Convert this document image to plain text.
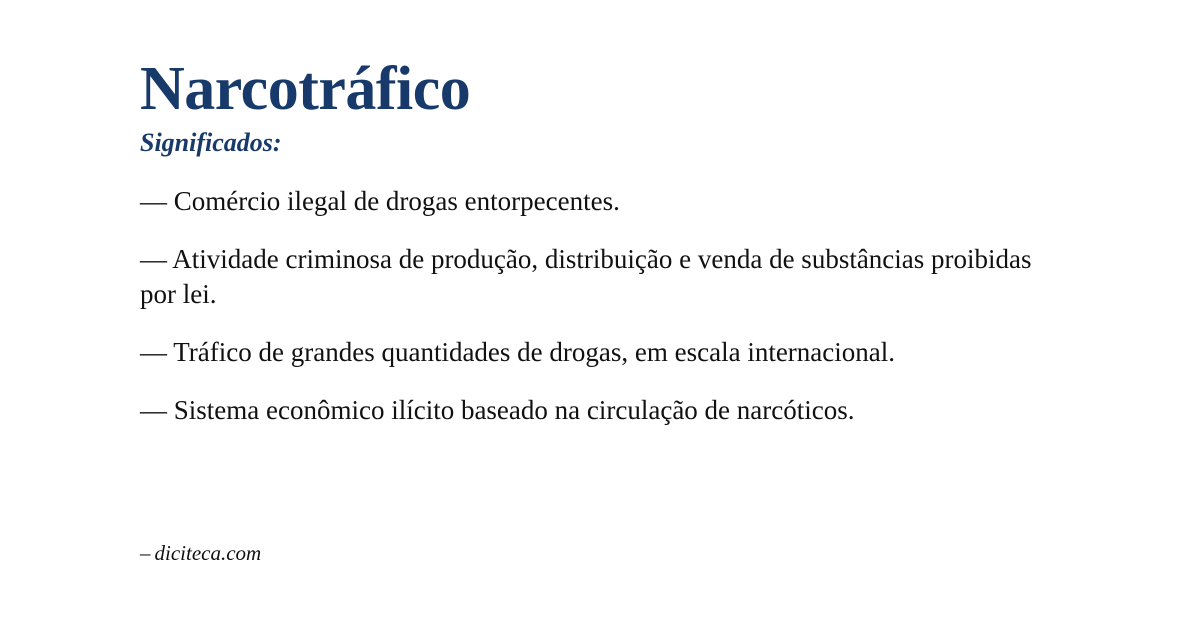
Narcotráfico
Significados:

— Comércio ilegal de drogas entorpecentes.

— Atividade criminosa de produção, distribuição e venda de substâncias proibidas por lei.

— Tráfico de grandes quantidades de drogas, em escala internacional.

— Sistema econômico ilícito baseado na circulação de narcóticos.

– diciteca.com
